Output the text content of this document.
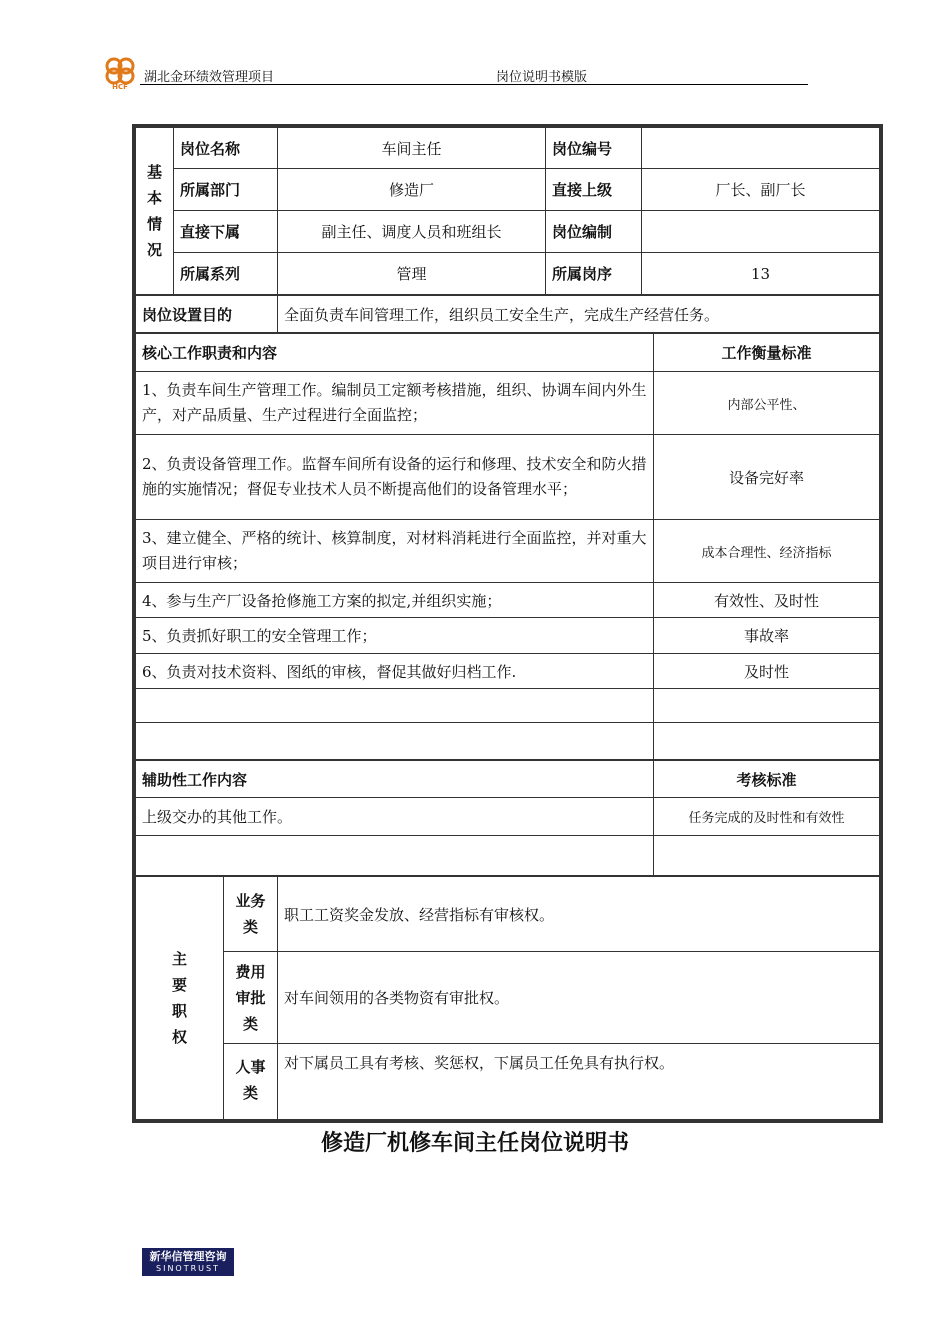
HCF
湖北金环绩效管理项目	岗位说明书模版
基
本
情
况	岗位名称	车间主任	岗位编号	
	所属部门	修造厂	直接上级	厂长、副厂长
	直接下属	副主任、调度人员和班组长	岗位编制	
	所属系列	管理	所属岗序	13
岗位设置目的	全面负责车间管理工作，组织员工安全生产，完成生产经营任务。
核心工作职责和内容	工作衡量标准
1、负责车间生产管理工作。编制员工定额考核措施，组织、协调车间内外生产，对产品质量、生产过程进行全面监控；	内部公平性、
2、负责设备管理工作。监督车间所有设备的运行和修理、技术安全和防火措施的实施情况；督促专业技术人员不断提高他们的设备管理水平；	设备完好率
3、建立健全、严格的统计、核算制度，对材料消耗进行全面监控，并对重大项目进行审核；	成本合理性、经济指标
4、参与生产厂设备抢修施工方案的拟定,并组织实施；	有效性、及时性
5、负责抓好职工的安全管理工作；	事故率
6、负责对技术资料、图纸的审核，督促其做好归档工作.	及时性

辅助性工作内容	考核标准
上级交办的其他工作。	任务完成的及时性和有效性

主
要
职
权	业务
类	职工工资奖金发放、经营指标有审核权。
	费用
审批
类	对车间领用的各类物资有审批权。
	人事
类	对下属员工具有考核、奖惩权，下属员工任免具有执行权。
修造厂机修车间主任岗位说明书
新华信管理咨询
SINOTRUST
